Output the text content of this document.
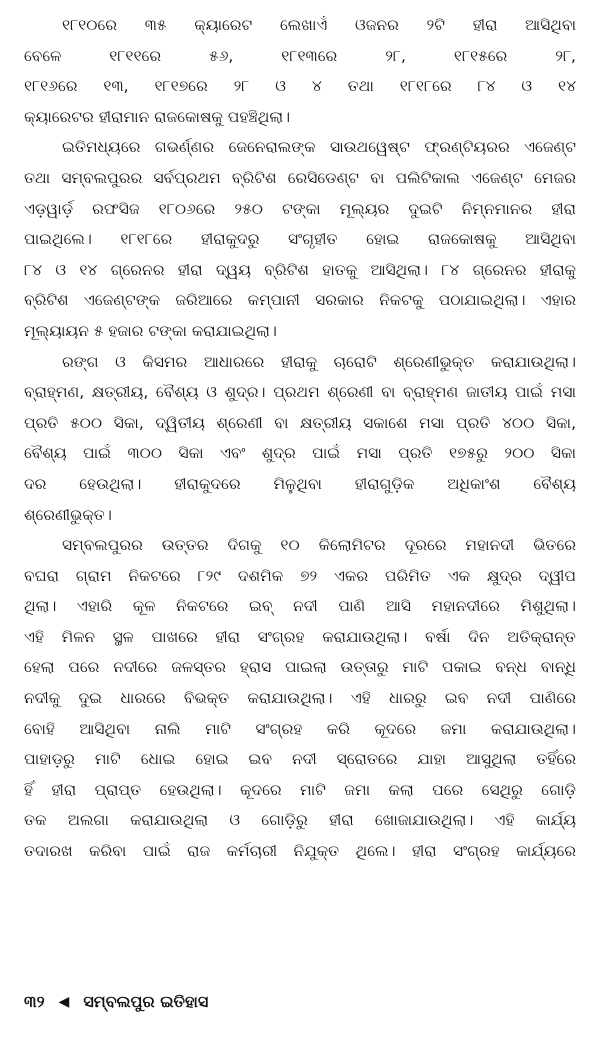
୧୮୧୦ରେ ୩୫ କ୍ୟାରେଟ ଲେଖାଏଁ ଓଜନର ୨ଟି ହୀରା ଆସିଥିବା
ବେଳେ ୧୮୧୧ରେ ୫୬, ୧୮୧୩ରେ ୨୮, ୧୮୧୫ରେ ୨୮,
୧୮୧୬ରେ ୧୩, ୧୮୧୭ରେ ୨୮ ଓ ୪ ତଥା ୧୮୧୮ରେ ୮୪ ଓ ୧୪
କ୍ୟାରେଟର ହୀରାମାନ ରାଜକୋଷକୁ ପହଞ୍ଚିଥିଲା।

ଇତିମଧ୍ୟରେ ଗଭର୍ଣ୍ଣର ଜେନେରାଲଙ୍କ ସାଉଥୱେଷ୍ଟ ଫ୍ରଣ୍ଟିୟରର ଏଜେଣ୍ଟ
ତଥା ସମ୍ବଲପୁରର ସର୍ବପ୍ରଥମ ବ୍ରିଟିଶ ରେସିଡେଣ୍ଟ ବା ପଲିଟିକାଲ ଏଜେଣ୍ଟ ମେଜର
ଏଡ଼ୱାର୍ଡ଼ ରଫସିଜ ୧୮୦୬ରେ ୨୫୦ ଟଙ୍କା ମୂଲ୍ୟର ଦୁଇଟି ନିମ୍ନମାନର ହୀରା
ପାଇଥିଲେ। ୧୮୧୮ରେ ହୀରାକୁଦରୁ ସଂଗୃହୀତ ହୋଇ ରାଜକୋଷକୁ ଆସିଥିବା
୮୪ ଓ ୧୪ ଗ୍ରେନର ହୀରା ଦ୍ୱୟ ବ୍ରିଟିଶ ହାତକୁ ଆସିଥିଲା। ୮୪ ଗ୍ରେନର ହୀରାକୁ
ବ୍ରିଟିଶ ଏଜେଣ୍ଟଙ୍କ ଜରିଆରେ କମ୍ପାନୀ ସରକାର ନିକଟକୁ ପଠାଯାଇଥିଲା। ଏହାର
ମୂଲ୍ୟାୟନ ୫ ହଜାର ଟଙ୍କା କରାଯାଇଥିଲା।

ରଙ୍ଗ ଓ କିସମର ଆଧାରରେ ହୀରାକୁ ଚାରୋଟି ଶ୍ରେଣୀଭୁକ୍ତ କରାଯାଉଥିଲା।
ବ୍ରାହ୍ମଣ, କ୍ଷତ୍ରୀୟ, ବୈଶ୍ୟ ଓ ଶୁଦ୍ର। ପ୍ରଥମ ଶ୍ରେଣୀ ବା ବ୍ରାହ୍ମଣ ଜାତୀୟ ପାଇଁ ମସା
ପ୍ରତି ୫୦୦ ସିକା, ଦ୍ୱିତୀୟ ଶ୍ରେଣୀ ବା କ୍ଷତ୍ରୀୟ ସକାଶେ ମସା ପ୍ରତି ୪୦୦ ସିକା,
ବୈଶ୍ୟ ପାଇଁ ୩୦୦ ସିକା ଏବଂ ଶୁଦ୍ର ପାଇଁ ମସା ପ୍ରତି ୧୭୫ରୁ ୨୦୦ ସିକା
ଦର ହେଉଥିଲା। ହୀରାକୁଦରେ ମିଳୁଥିବା ହୀରାଗୁଡ଼ିକ ଅଧିକାଂଶ ବୈଶ୍ୟ
ଶ୍ରେଣୀଭୁକ୍ତ।

ସମ୍ବଲପୁରର ଉତ୍ତର ଦିଗକୁ ୧୦ କିଲୋମିଟର ଦୂରରେ ମହାନଦୀ ଭିତରେ
ବଘରା ଗ୍ରାମ ନିକଟରେ ୮୨୯ ଦଶମିକ ୭୨ ଏକର ପରିମିତ ଏକ କ୍ଷୁଦ୍ର ଦ୍ୱୀପ
ଥିଲା। ଏହାରି କୂଳ ନିକଟରେ ଇବ୍ ନଦୀ ପାଣି ଆସି ମହାନଦୀରେ ମିଶୁଥିଲା।
ଏହି ମିଳନ ସ୍ଥଳ ପାଖରେ ହୀରା ସଂଗ୍ରହ କରାଯାଉଥିଲା। ବର୍ଷା ଦିନ ଅତିକ୍ରାନ୍ତ
ହେଲା ପରେ ନଦୀରେ ଜଳସ୍ତର ହ୍ରାସ ପାଇଲା ଉତ୍ତାରୁ ମାଟି ପକାଇ ବନ୍ଧ ବାନ୍ଧି
ନଦୀକୁ ଦୁଇ ଧାରରେ ବିଭକ୍ତ କରାଯାଉଥିଲା। ଏହି ଧାରରୁ ଇବ ନଦୀ ପାଣିରେ
ବୋହି ଆସିଥିବା ନାଲି ମାଟି ସଂଗ୍ରହ କରି କୂଦରେ ଜମା କରାଯାଉଥିଲା।
ପାହାଡ଼ରୁ ମାଟି ଧୋଇ ହୋଇ ଇବ ନଦୀ ସ୍ରୋତରେ ଯାହା ଆସୁଥିଲା ତହିଁରେ
ହିଁ ହୀରା ପ୍ରାପ୍ତ ହେଉଥିଲା। କୂଦରେ ମାଟି ଜମା କଲା ପରେ ସେଥିରୁ ଗୋଡ଼ି
ତକ ଅଲଗା କରାଯାଉଥିଲା ଓ ଗୋଡ଼ିରୁ ହୀରା ଖୋଜାଯାଉଥିଲା। ଏହି କାର୍ଯ୍ୟ
ତଦାରଖ କରିବା ପାଇଁ ରାଜ କର୍ମଚାରୀ ନିଯୁକ୍ତ ଥିଲେ। ହୀରା ସଂଗ୍ରହ କାର୍ଯ୍ୟରେ

୩୨ ◀ ସମ୍ବଲପୁର ଇତିହାସ
